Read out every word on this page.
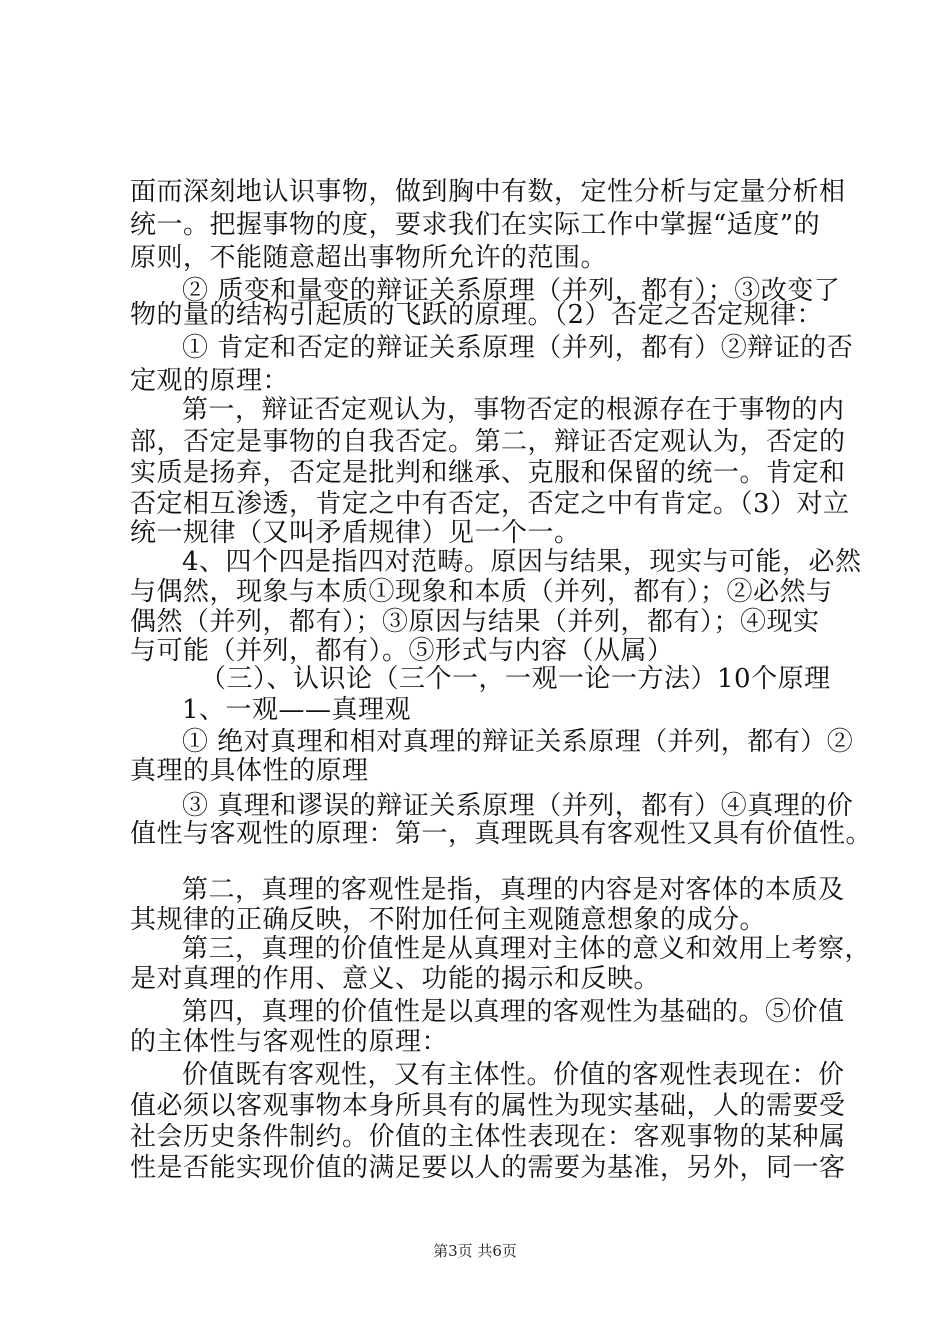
面而深刻地认识事物，做到胸中有数，定性分析与定量分析相
统一。把握事物的度，要求我们在实际工作中掌握“适度”的
原则，不能随意超出事物所允许的范围。
② 质变和量变的辩证关系原理（并列，都有）；③改变了
物的量的结构引起质的飞跃的原理。（2）否定之否定规律：
① 肯定和否定的辩证关系原理（并列，都有）②辩证的否
定观的原理：
第一，辩证否定观认为，事物否定的根源存在于事物的内
部，否定是事物的自我否定。第二，辩证否定观认为，否定的
实质是扬弃，否定是批判和继承、克服和保留的统一。肯定和
否定相互渗透，肯定之中有否定，否定之中有肯定。（3）对立
统一规律（又叫矛盾规律）见一个一。
4、四个四是指四对范畴。原因与结果，现实与可能，必然
与偶然，现象与本质①现象和本质（并列，都有）；②必然与
偶然（并列，都有）；③原因与结果（并列，都有）；④现实
与可能（并列，都有）。⑤形式与内容（从属）
（三）、认识论（三个一，一观一论一方法）10个原理
1、一观——真理观
① 绝对真理和相对真理的辩证关系原理（并列，都有）②
真理的具体性的原理
③ 真理和谬误的辩证关系原理（并列，都有）④真理的价
值性与客观性的原理：第一，真理既具有客观性又具有价值性。
第二，真理的客观性是指，真理的内容是对客体的本质及
其规律的正确反映，不附加任何主观随意想象的成分。
第三，真理的价值性是从真理对主体的意义和效用上考察，
是对真理的作用、意义、功能的揭示和反映。
第四，真理的价值性是以真理的客观性为基础的。⑤价值
的主体性与客观性的原理：
价值既有客观性，又有主体性。价值的客观性表现在：价
值必须以客观事物本身所具有的属性为现实基础，人的需要受
社会历史条件制约。价值的主体性表现在：客观事物的某种属
性是否能实现价值的满足要以人的需要为基准，另外，同一客
第3页 共6页
